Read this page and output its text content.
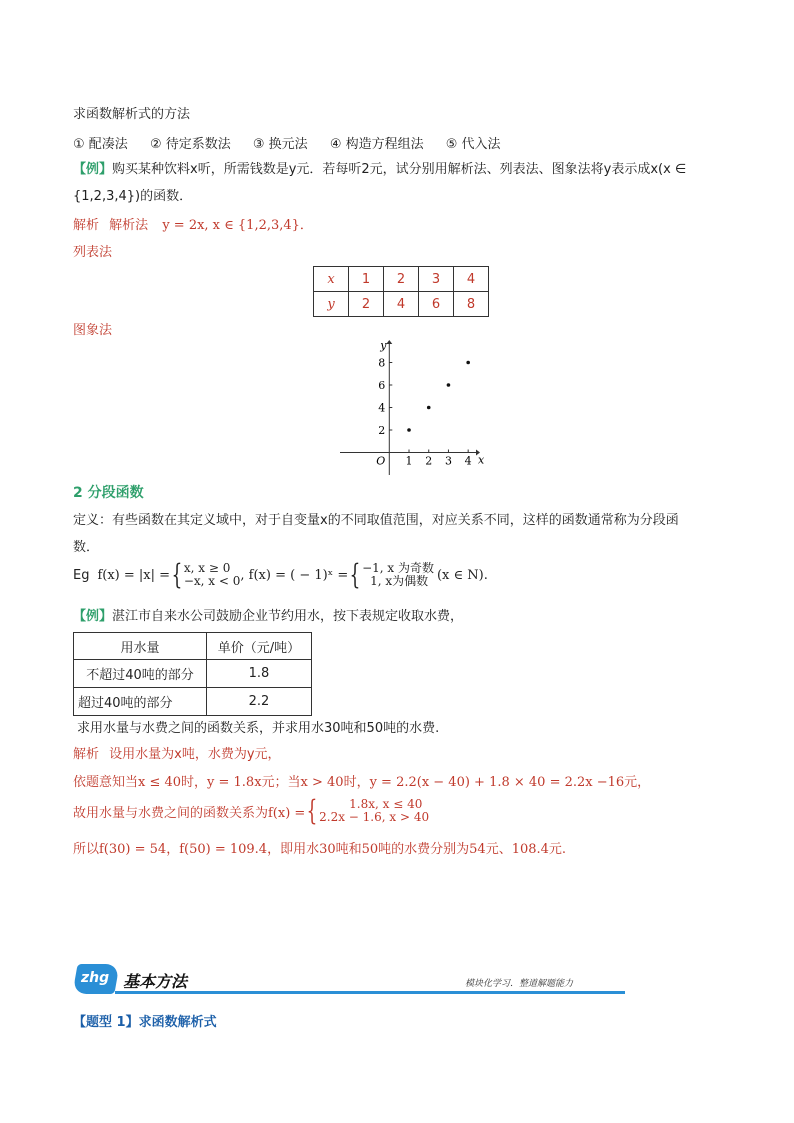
求函数解析式的方法
① 配凑法 ② 待定系数法 ③ 换元法 ④ 构造方程组法 ⑤ 代入法
【例】购买某种饮料x听，所需钱数是y元．若每听2元，试分别用解析法、列表法、图象法将y表示成x(x ∈
{1,2,3,4})的函数．
解析 解析法 y = 2x, x ∈ {1,2,3,4}．
列表法
x	1	2	3	4
y	2	4	6	8
图象法
1 2 3 4
2
4
6
8
O	x
y
2 分段函数
定义：有些函数在其定义域中，对于自变量x的不同取值范围，对应关系不同，这样的函数通常称为分段函
数．
Eg f(x) = |x| = { x, x ≥ 0
−x, x < 0 , f(x) = ( − 1)ˣ = { −1, x 为奇数
1, x为偶数 (x ∈ N).
【例】湛江市自来水公司鼓励企业节约用水，按下表规定收取水费，
用水量	单价（元/吨）
不超过40吨的部分	1.8
超过40吨的部分	2.2
求用水量与水费之间的函数关系，并求用水30吨和50吨的水费.
解析 设用水量为x吨，水费为y元，
依题意知当x ≤ 40时，y = 1.8x元；当x > 40时，y = 2.2(x − 40) + 1.8 × 40 = 2.2x −16元，
故用水量与水费之间的函数关系为f(x) = {	1.8x, x ≤ 40
2.2x − 1.6, x > 40
所以f(30) = 54，f(50) = 109.4，即用水30吨和50吨的水费分别为54元、108.4元.
zhg 基本方法	模块化学习．整道解题能力
【题型 1】求函数解析式
